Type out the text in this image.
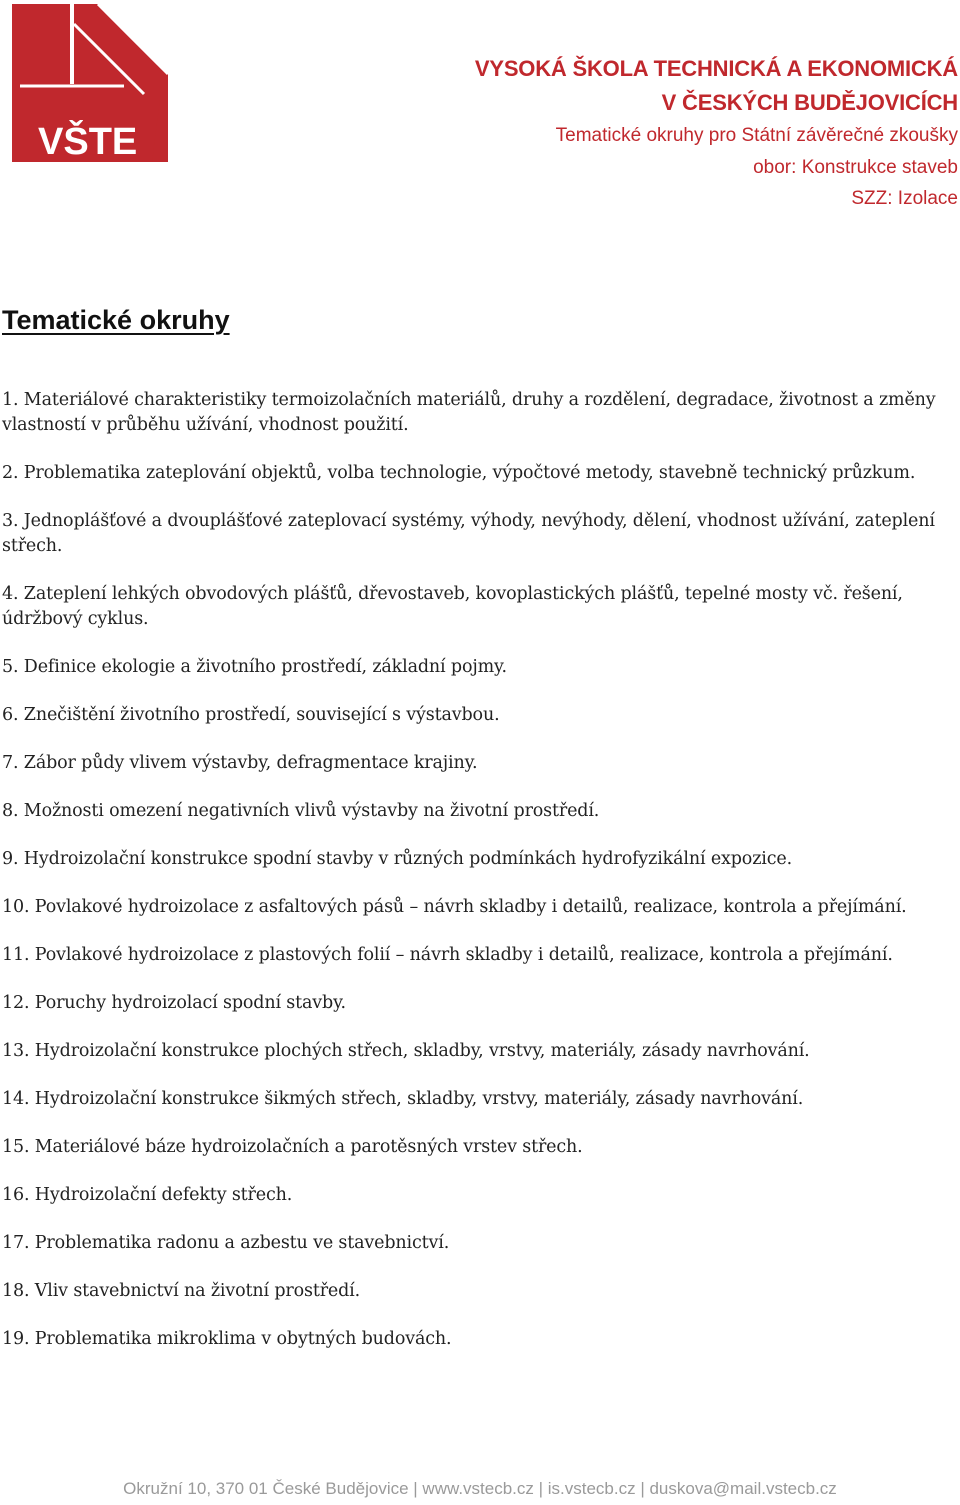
VŠTE
VYSOKÁ ŠKOLA TECHNICKÁ A EKONOMICKÁ
V ČESKÝCH BUDĚJOVICÍCH
Tematické okruhy pro Státní závěrečné zkoušky
obor: Konstrukce staveb
SZZ: Izolace
Tematické okruhy
1. Materiálové charakteristiky termoizolačních materiálů, druhy a rozdělení, degradace, životnost a změny vlastností v průběhu užívání, vhodnost použití.
2. Problematika zateplování objektů, volba technologie, výpočtové metody, stavebně technický průzkum.
3. Jednoplášťové a dvouplášťové zateplovací systémy, výhody, nevýhody, dělení, vhodnost užívání, zateplení střech.
4. Zateplení lehkých obvodových plášťů, dřevostaveb, kovoplastických plášťů, tepelné mosty vč. řešení, údržbový cyklus.
5. Definice ekologie a životního prostředí, základní pojmy.
6. Znečištění životního prostředí, související s výstavbou.
7. Zábor půdy vlivem výstavby, defragmentace krajiny.
8. Možnosti omezení negativních vlivů výstavby na životní prostředí.
9. Hydroizolační konstrukce spodní stavby v různých podmínkách hydrofyzikální expozice.
10. Povlakové hydroizolace z asfaltových pásů – návrh skladby i detailů, realizace, kontrola a přejímání.
11. Povlakové hydroizolace z plastových folií – návrh skladby i detailů, realizace, kontrola a přejímání.
12. Poruchy hydroizolací spodní stavby.
13. Hydroizolační konstrukce plochých střech, skladby, vrstvy, materiály, zásady navrhování.
14. Hydroizolační konstrukce šikmých střech, skladby, vrstvy, materiály, zásady navrhování.
15. Materiálové báze hydroizolačních a parotěsných vrstev střech.
16. Hydroizolační defekty střech.
17. Problematika radonu a azbestu ve stavebnictví.
18. Vliv stavebnictví na životní prostředí.
19. Problematika mikroklima v obytných budovách.
Okružní 10, 370 01 České Budějovice | www.vstecb.cz | is.vstecb.cz | duskova@mail.vstecb.cz
